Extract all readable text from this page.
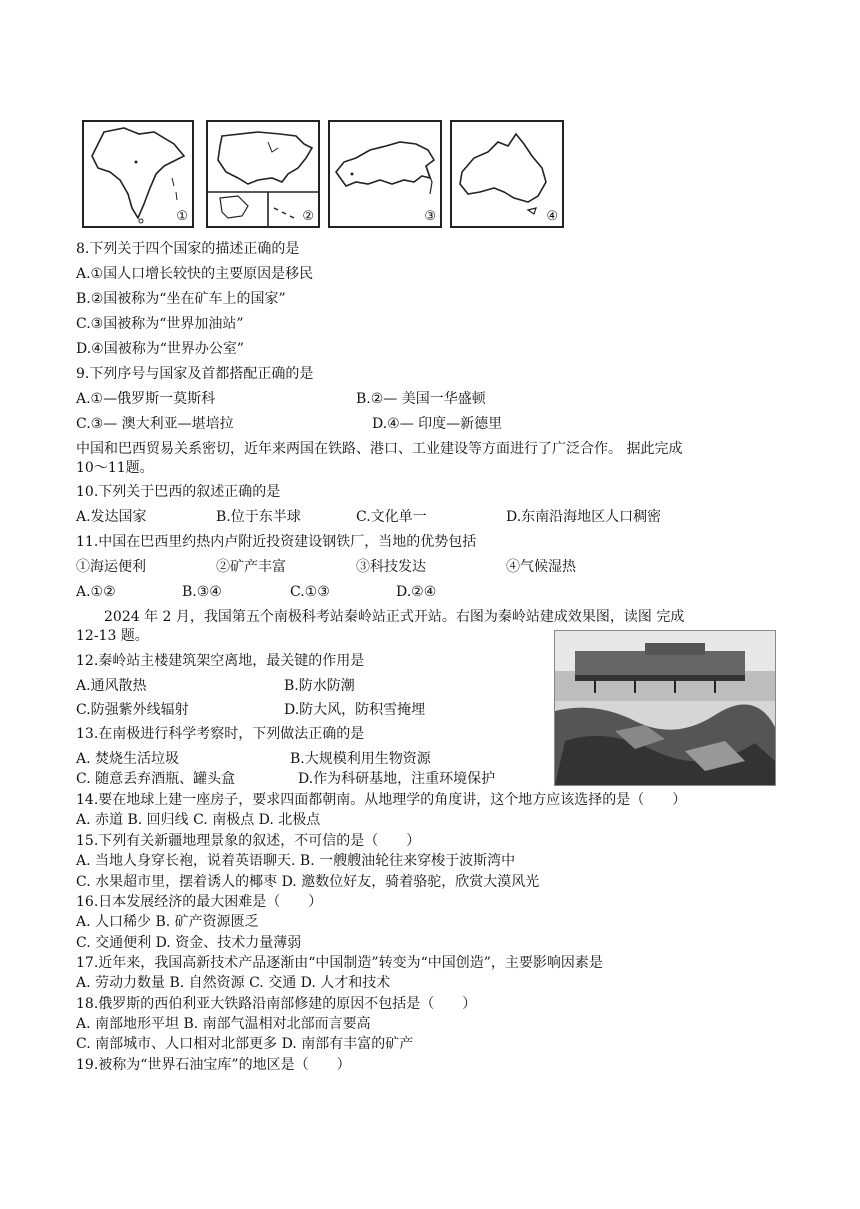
①	②	③	④
8.下列关于四个国家的描述正确的是
A.①国人口增长较快的主要原因是移民
B.②国被称为“坐在矿车上的国家”
C.③国被称为“世界加油站”
D.④国被称为“世界办公室”
9.下列序号与国家及首都搭配正确的是
A.①—俄罗斯一莫斯科	B.②— 美国一华盛顿
C.③— 澳大利亚—堪培拉	D.④— 印度—新德里
中国和巴西贸易关系密切，近年来两国在铁路、港口、工业建设等方面进行了广泛合作。 据此完成
10～11题。
10.下列关于巴西的叙述正确的是
A.发达国家	B.位于东半球	C.文化单一	D.东南沿海地区人口稠密
11.中国在巴西里约热内卢附近投资建设钢铁厂，当地的优势包括
①海运便利	②矿产丰富	③科技发达	④气候湿热
A.①②	B.③④	C.①③	D.②④
2024 年 2 月，我国第五个南极科考站秦岭站正式开站。右图为秦岭站建成效果图，读图 完成
12-13 题。
12.秦岭站主楼建筑架空离地，最关键的作用是
A.通风散热	B.防水防潮
C.防强紫外线辐射	D.防大风，防积雪掩埋
13.在南极进行科学考察时，下列做法正确的是
A. 焚烧生活垃圾	B.大规模利用生物资源
C. 随意丢弃酒瓶、罐头盒	D.作为科研基地，注重环境保护
14.要在地球上建一座房子，要求四面都朝南。从地理学的角度讲，这个地方应该选择的是（　　）
A. 赤道 B. 回归线 C. 南极点 D. 北极点
15.下列有关新疆地理景象的叙述，不可信的是（　　）
A. 当地人身穿长袍，说着英语聊天. B. 一艘艘油轮往来穿梭于波斯湾中
C. 水果超市里，摆着诱人的椰枣 D. 邀数位好友，骑着骆驼，欣赏大漠风光
16.日本发展经济的最大困难是（　　）
A. 人口稀少 B. 矿产资源匮乏
C. 交通便利 D. 资金、技术力量薄弱
17.近年来，我国高新技术产品逐渐由“中国制造”转变为“中国创造”，主要影响因素是
A. 劳动力数量 B. 自然资源 C. 交通 D. 人才和技术
18.俄罗斯的西伯利亚大铁路沿南部修建的原因不包括是（　　）
A. 南部地形平坦 B. 南部气温相对北部而言要高
C. 南部城市、人口相对北部更多 D. 南部有丰富的矿产
19.被称为“世界石油宝库”的地区是（　　）
